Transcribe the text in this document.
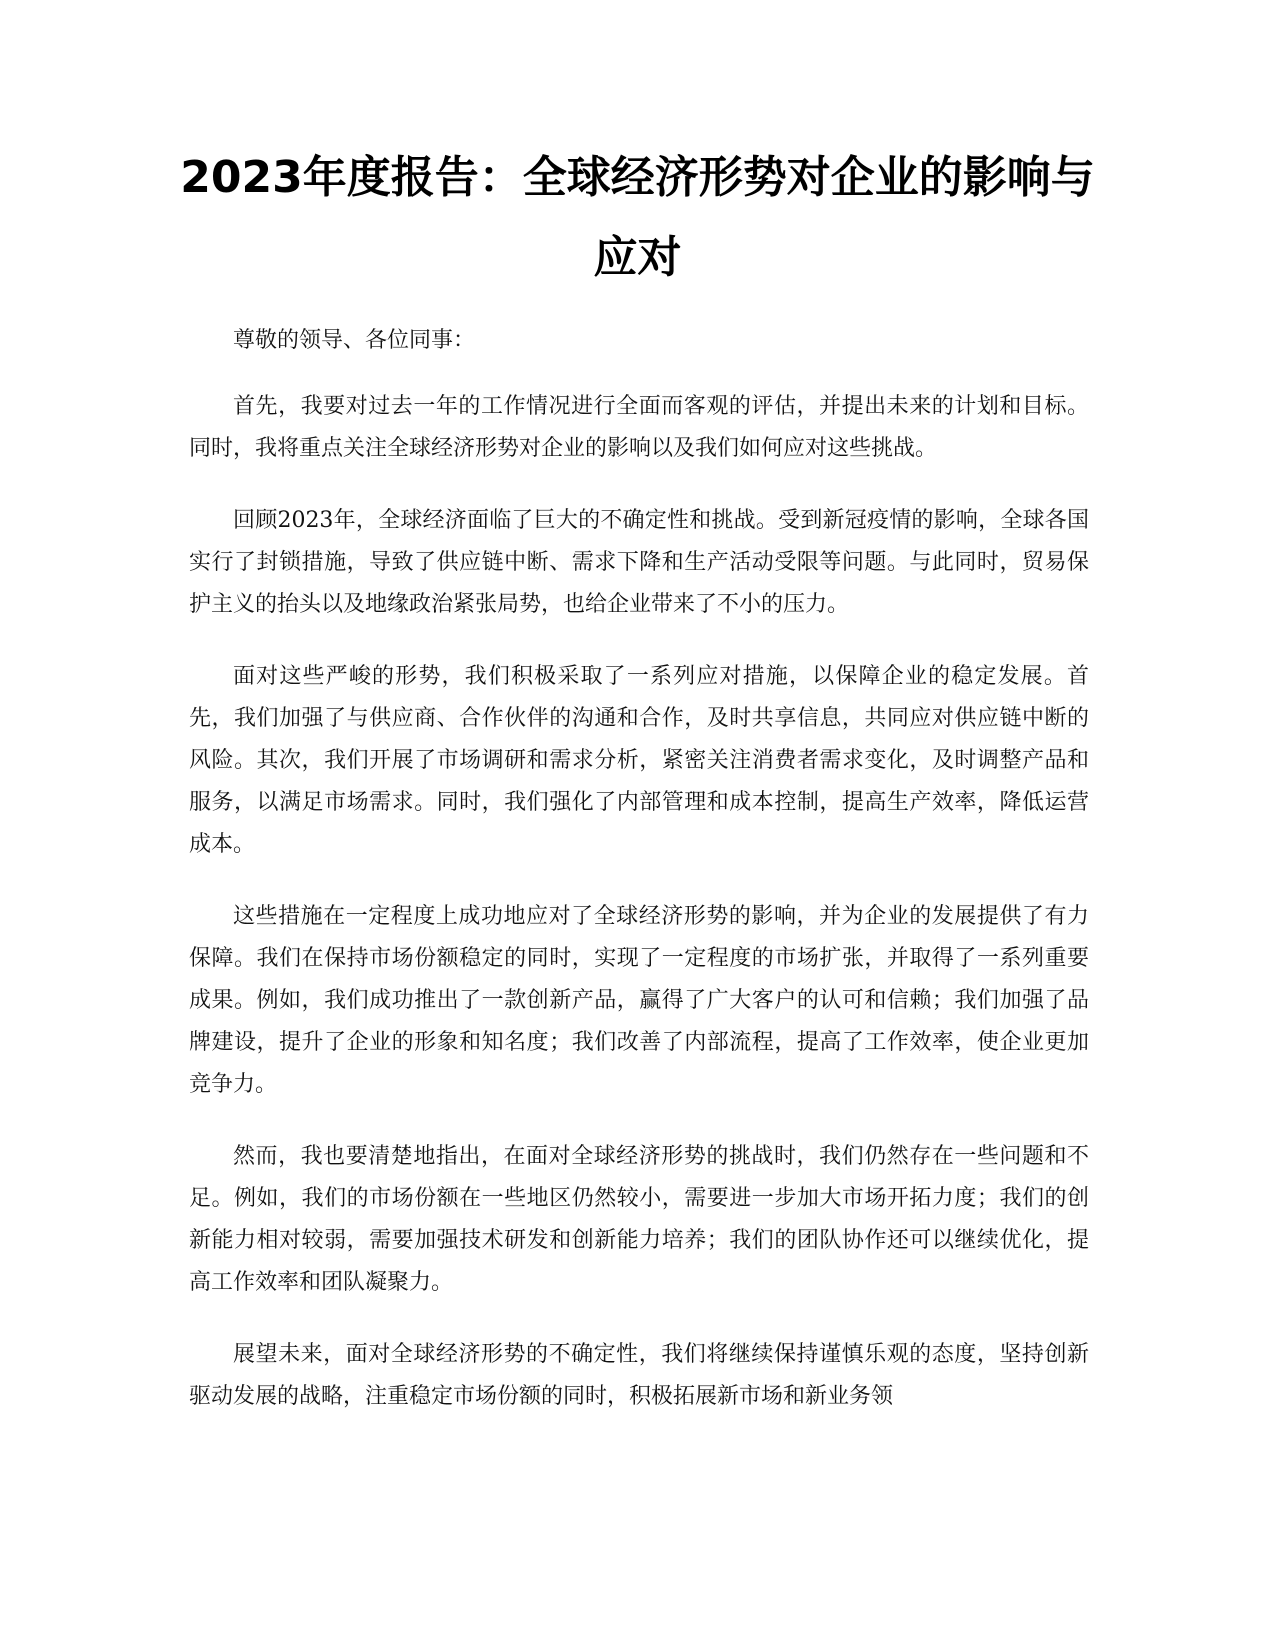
2023年度报告：全球经济形势对企业的影响与应对

尊敬的领导、各位同事：

首先，我要对过去一年的工作情况进行全面而客观的评估，并提出未来的计划和目标。同时，我将重点关注全球经济形势对企业的影响以及我们如何应对这些挑战。

回顾2023年，全球经济面临了巨大的不确定性和挑战。受到新冠疫情的影响，全球各国实行了封锁措施，导致了供应链中断、需求下降和生产活动受限等问题。与此同时，贸易保护主义的抬头以及地缘政治紧张局势，也给企业带来了不小的压力。

面对这些严峻的形势，我们积极采取了一系列应对措施，以保障企业的稳定发展。首先，我们加强了与供应商、合作伙伴的沟通和合作，及时共享信息，共同应对供应链中断的风险。其次，我们开展了市场调研和需求分析，紧密关注消费者需求变化，及时调整产品和服务，以满足市场需求。同时，我们强化了内部管理和成本控制，提高生产效率，降低运营成本。

这些措施在一定程度上成功地应对了全球经济形势的影响，并为企业的发展提供了有力保障。我们在保持市场份额稳定的同时，实现了一定程度的市场扩张，并取得了一系列重要成果。例如，我们成功推出了一款创新产品，赢得了广大客户的认可和信赖；我们加强了品牌建设，提升了企业的形象和知名度；我们改善了内部流程，提高了工作效率，使企业更加竞争力。

然而，我也要清楚地指出，在面对全球经济形势的挑战时，我们仍然存在一些问题和不足。例如，我们的市场份额在一些地区仍然较小，需要进一步加大市场开拓力度；我们的创新能力相对较弱，需要加强技术研发和创新能力培养；我们的团队协作还可以继续优化，提高工作效率和团队凝聚力。

展望未来，面对全球经济形势的不确定性，我们将继续保持谨慎乐观的态度，坚持创新驱动发展的战略，注重稳定市场份额的同时，积极拓展新市场和新业务领
